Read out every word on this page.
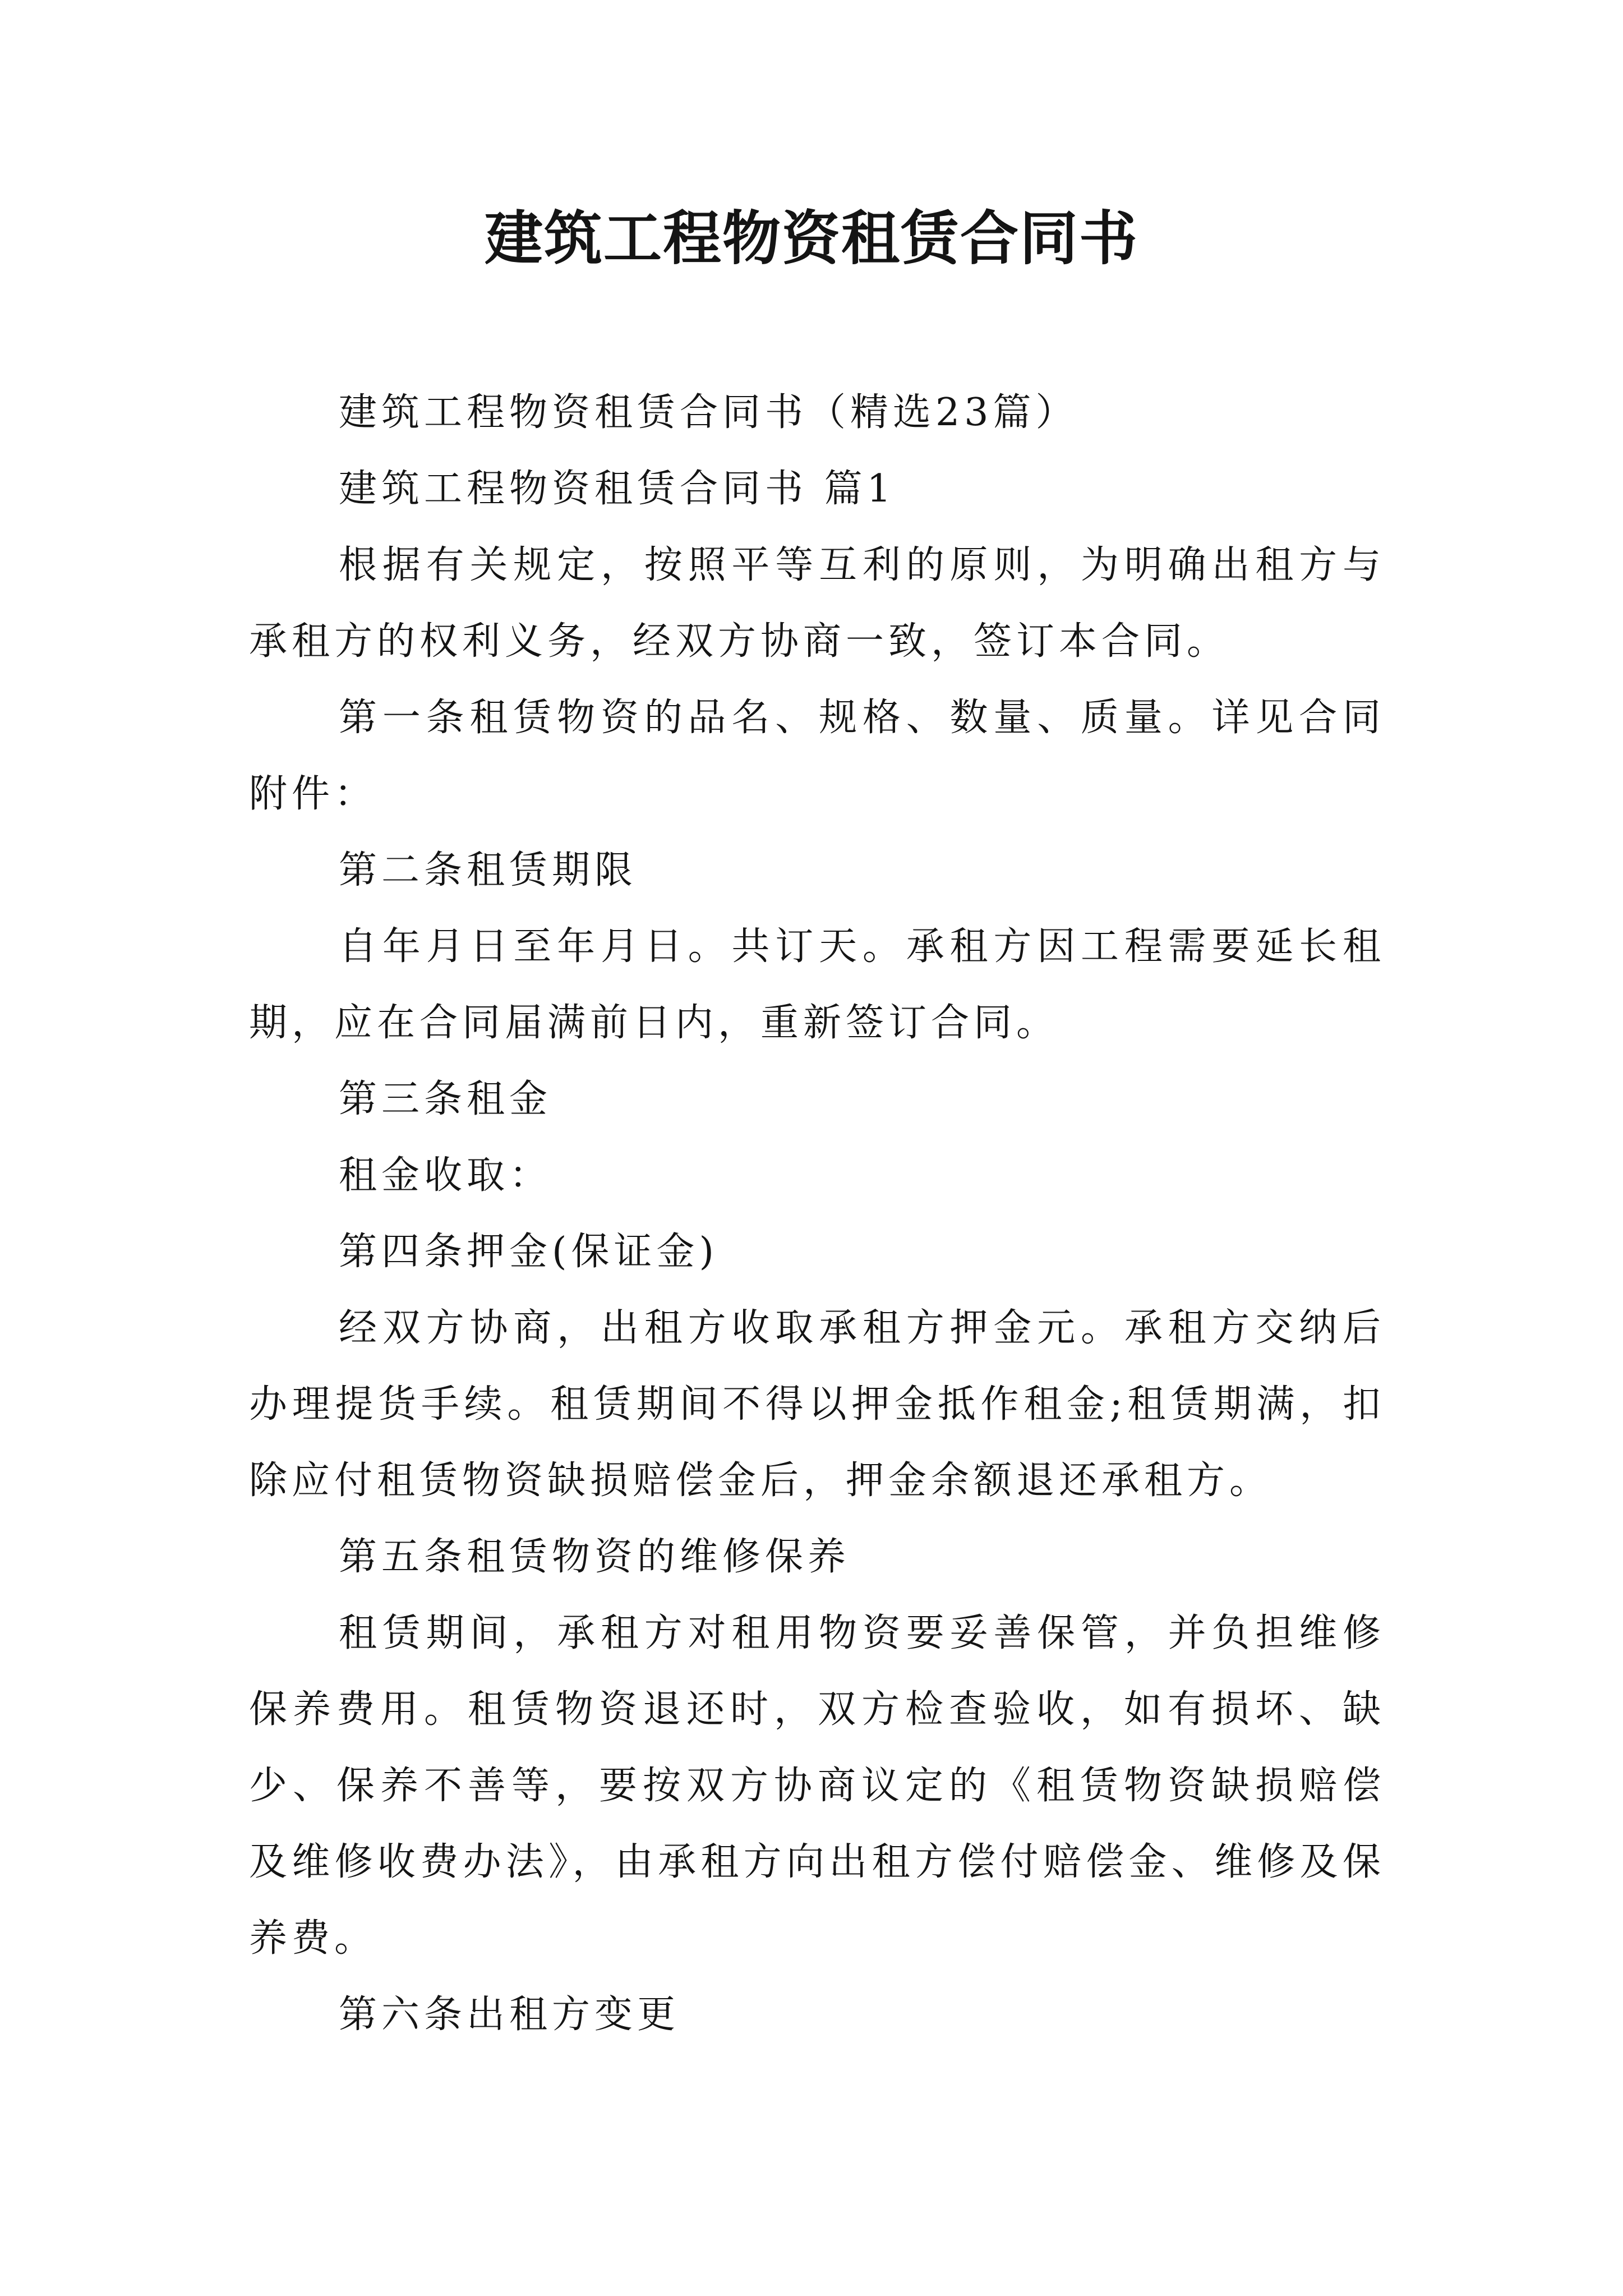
建筑工程物资租赁合同书

建筑工程物资租赁合同书（精选23篇）

建筑工程物资租赁合同书 篇1

根据有关规定，按照平等互利的原则，为明确出租方与承租方的权利义务，经双方协商一致，签订本合同。

第一条租赁物资的品名、规格、数量、质量。详见合同附件：

第二条租赁期限

自年月日至年月日。共订天。承租方因工程需要延长租期，应在合同届满前日内，重新签订合同。

第三条租金

租金收取：

第四条押金(保证金)

经双方协商，出租方收取承租方押金元。承租方交纳后办理提货手续。租赁期间不得以押金抵作租金;租赁期满，扣除应付租赁物资缺损赔偿金后，押金余额退还承租方。

第五条租赁物资的维修保养

租赁期间，承租方对租用物资要妥善保管，并负担维修保养费用。租赁物资退还时，双方检查验收，如有损坏、缺少、保养不善等，要按双方协商议定的《租赁物资缺损赔偿及维修收费办法》，由承租方向出租方偿付赔偿金、维修及保养费。

第六条出租方变更
